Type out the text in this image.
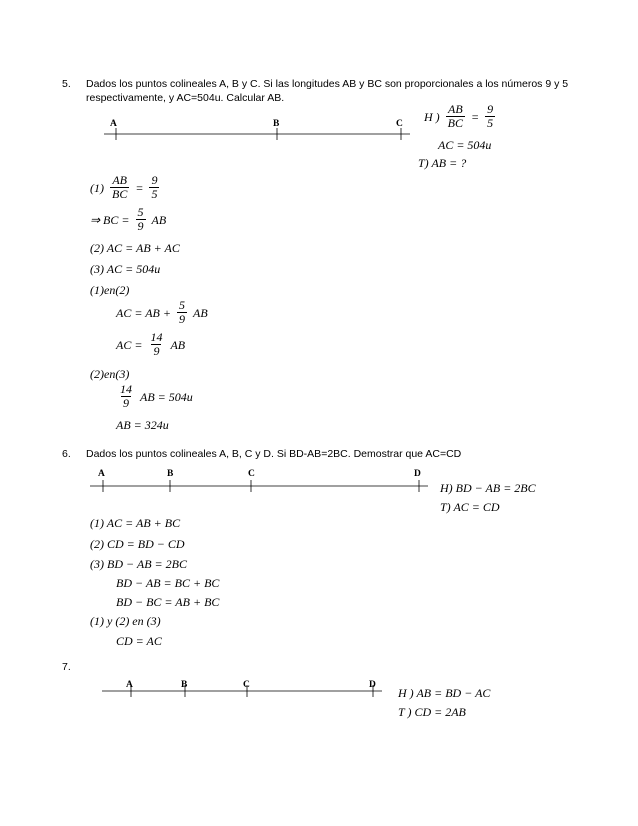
5. Dados los puntos colineales A, B y C. Si las longitudes AB y BC son proporcionales a los números 9 y 5
respectivamente, y AC=504u. Calcular AB.
A	B	C
H ) $\frac{AB}{BC} = \frac{9}{5}$
AC = 504u
T) AB = ?
$(1) \frac{AB}{BC} = \frac{9}{5}$
⇒ BC = $\frac{5}{9}$ AB
(2) AC = AB + AC
(3) AC = 504u
(1)en(2)
AC = AB + $\frac{5}{9}$ AB
AC = $\frac{14}{9}$ AB
(2)en(3)
$\frac{14}{9}$ AB = 504u
AB = 324u
6. Dados los puntos colineales A, B, C y D. Si BD-AB=2BC. Demostrar que AC=CD
A	B	C	D
H) BD − AB = 2BC
T) AC = CD
(1) AC = AB + BC
(2) CD = BD − CD
(3) BD − AB = 2BC
BD − AB = BC + BC
BD − BC = AB + BC
(1) y (2) en (3)
CD = AC
7.
A	B	C	D
H ) AB = BD − AC
T ) CD = 2AB
